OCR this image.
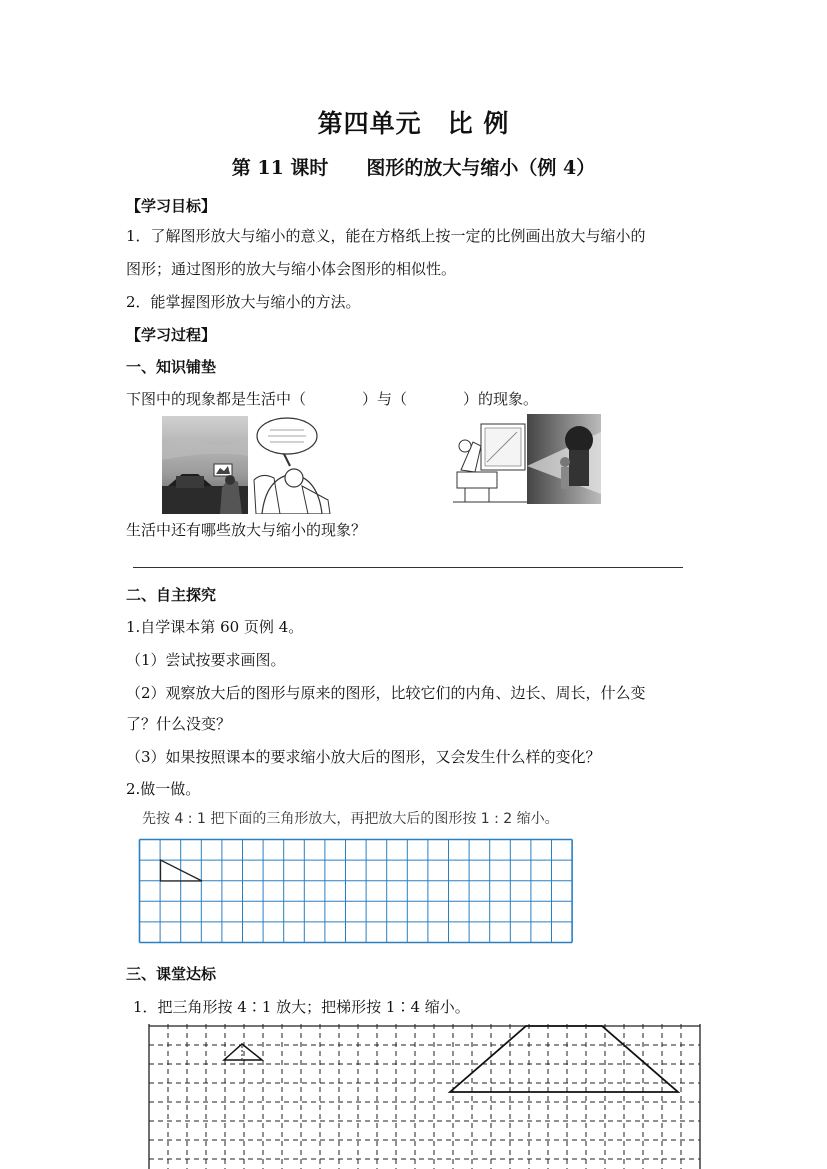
第四单元　比 例
第 11 课时　　图形的放大与缩小（例 4）
【学习目标】
1．了解图形放大与缩小的意义，能在方格纸上按一定的比例画出放大与缩小的
图形；通过图形的放大与缩小体会图形的相似性。
2．能掌握图形放大与缩小的方法。
【学习过程】
一、知识铺垫
下图中的现象都是生活中（	）与（	）的现象。
生活中还有哪些放大与缩小的现象？
二、自主探究
1.自学课本第 60 页例 4。
（1）尝试按要求画图。
（2）观察放大后的图形与原来的图形，比较它们的内角、边长、周长，什么变
了？什么没变？
（3）如果按照课本的要求缩小放大后的图形，又会发生什么样的变化？
2.做一做。
先按 4 : 1 把下面的三角形放大，再把放大后的图形按 1 : 2 缩小。
三、课堂达标
1．把三角形按 4∶1 放大；把梯形按 1∶4 缩小。
